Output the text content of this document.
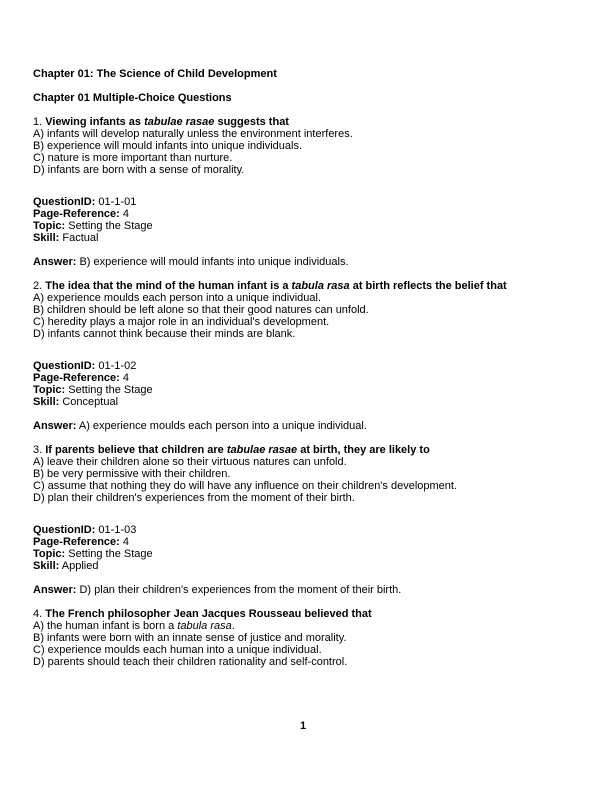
Chapter 01: The Science of Child Development
Chapter 01 Multiple-Choice Questions

1. Viewing infants as tabulae rasae suggests that

A) infants will develop naturally unless the environment interferes.

B) experience will mould infants into unique individuals.

C) nature is more important than nurture.

D) infants are born with a sense of morality.

QuestionID: 01-1-01

Page-Reference: 4

Topic: Setting the Stage

Skill: Factual

Answer: B) experience will mould infants into unique individuals.

2. The idea that the mind of the human infant is a tabula rasa at birth reflects the belief that

A) experience moulds each person into a unique individual.

B) children should be left alone so that their good natures can unfold.

C) heredity plays a major role in an individual's development.

D) infants cannot think because their minds are blank.

QuestionID: 01-1-02

Page-Reference: 4

Topic: Setting the Stage

Skill: Conceptual

Answer: A) experience moulds each person into a unique individual.

3. If parents believe that children are tabulae rasae at birth, they are likely to

A) leave their children alone so their virtuous natures can unfold.

B) be very permissive with their children.

C) assume that nothing they do will have any influence on their children's development.

D) plan their children's experiences from the moment of their birth.

QuestionID: 01-1-03

Page-Reference: 4

Topic: Setting the Stage

Skill: Applied

Answer: D) plan their children's experiences from the moment of their birth.

4. The French philosopher Jean Jacques Rousseau believed that

A) the human infant is born a tabula rasa.

B) infants were born with an innate sense of justice and morality.

C) experience moulds each human into a unique individual.

D) parents should teach their children rationality and self-control.

1
